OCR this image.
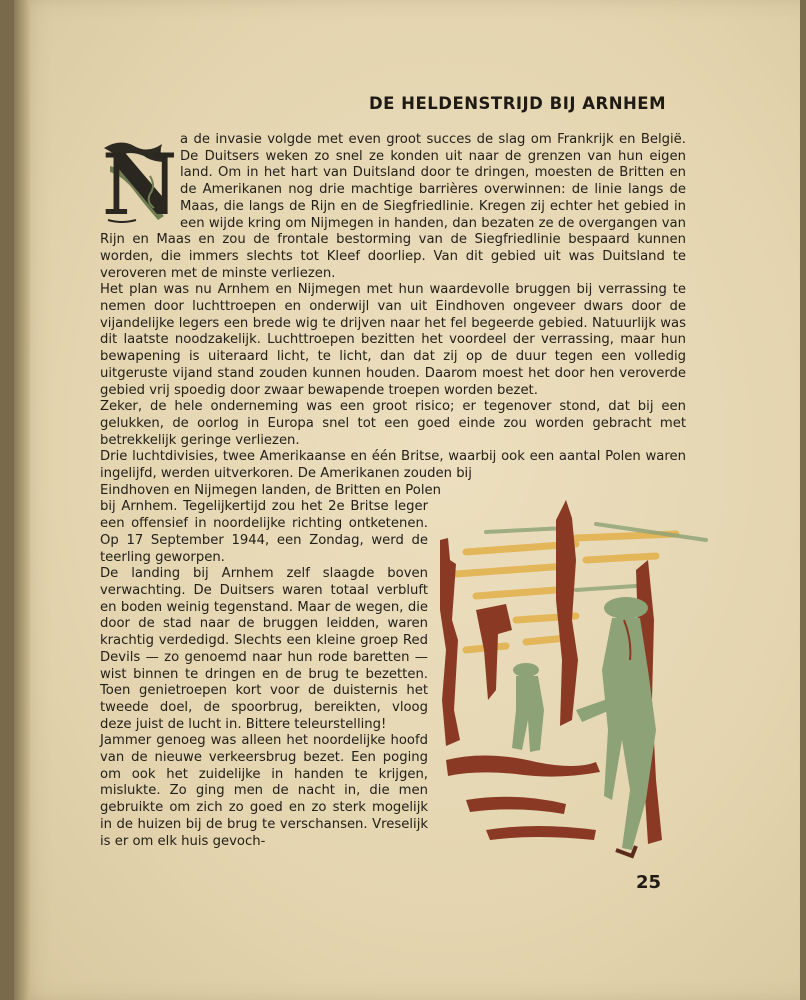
DE HELDENSTRIJD BIJ ARNHEM

N a de invasie volgde met even groot succes de slag om Frankrijk en België. De Duitsers weken zo snel ze konden uit naar de grenzen van hun eigen land. Om in het hart van Duitsland door te dringen, moesten de Britten en de Amerikanen nog drie machtige barrières overwinnen: de linie langs de Maas, die langs de Rijn en de Siegfriedlinie. Kregen zij echter het gebied in een wijde kring om Nijmegen in handen, dan bezaten ze de overgangen van Rijn en Maas en zou de frontale bestorming van de Siegfriedlinie bespaard kunnen worden, die immers slechts tot Kleef doorliep. Van dit gebied uit was Duitsland te veroveren met de minste verliezen.

Het plan was nu Arnhem en Nijmegen met hun waardevolle bruggen bij verrassing te nemen door luchttroepen en onderwijl van uit Eindhoven ongeveer dwars door de vijandelijke legers een brede wig te drijven naar het fel begeerde gebied. Natuurlijk was dit laatste noodzakelijk. Luchttroepen bezitten het voordeel der verrassing, maar hun bewapening is uiteraard licht, te licht, dan dat zij op de duur tegen een volledig uitgeruste vijand stand zouden kunnen houden. Daarom moest het door hen veroverde gebied vrij spoedig door zwaar bewapende troepen worden bezet.

Zeker, de hele onderneming was een groot risico; er tegenover stond, dat bij een gelukken, de oorlog in Europa snel tot een goed einde zou worden gebracht met betrekkelijk geringe verliezen.

Drie luchtdivisies, twee Amerikaanse en één Britse, waarbij ook een aantal Polen waren ingelijfd, werden uitverkoren. De Amerikanen zouden bij

Eindhoven en Nijmegen landen, de Britten en Polen

bij Arnhem. Tegelijkertijd zou het 2e Britse leger een offensief in noordelijke richting ontketenen. Op 17 September 1944, een Zondag, werd de teerling geworpen.

De landing bij Arnhem zelf slaagde boven verwachting. De Duitsers waren totaal verbluft en boden weinig tegenstand. Maar de wegen, die door de stad naar de bruggen leidden, waren krachtig verdedigd. Slechts een kleine groep Red Devils — zo genoemd naar hun rode baretten — wist binnen te dringen en de brug te bezetten. Toen genietroepen kort voor de duisternis het tweede doel, de spoorbrug, bereikten, vloog deze juist de lucht in. Bittere teleurstelling!

Jammer genoeg was alleen het noordelijke hoofd van de nieuwe verkeersbrug bezet. Een poging om ook het zuidelijke in handen te krijgen, mislukte. Zo ging men de nacht in, die men gebruikte om zich zo goed en zo sterk mogelijk in de huizen bij de brug te verschansen. Vreselijk is er om elk huis gevoch-

25
